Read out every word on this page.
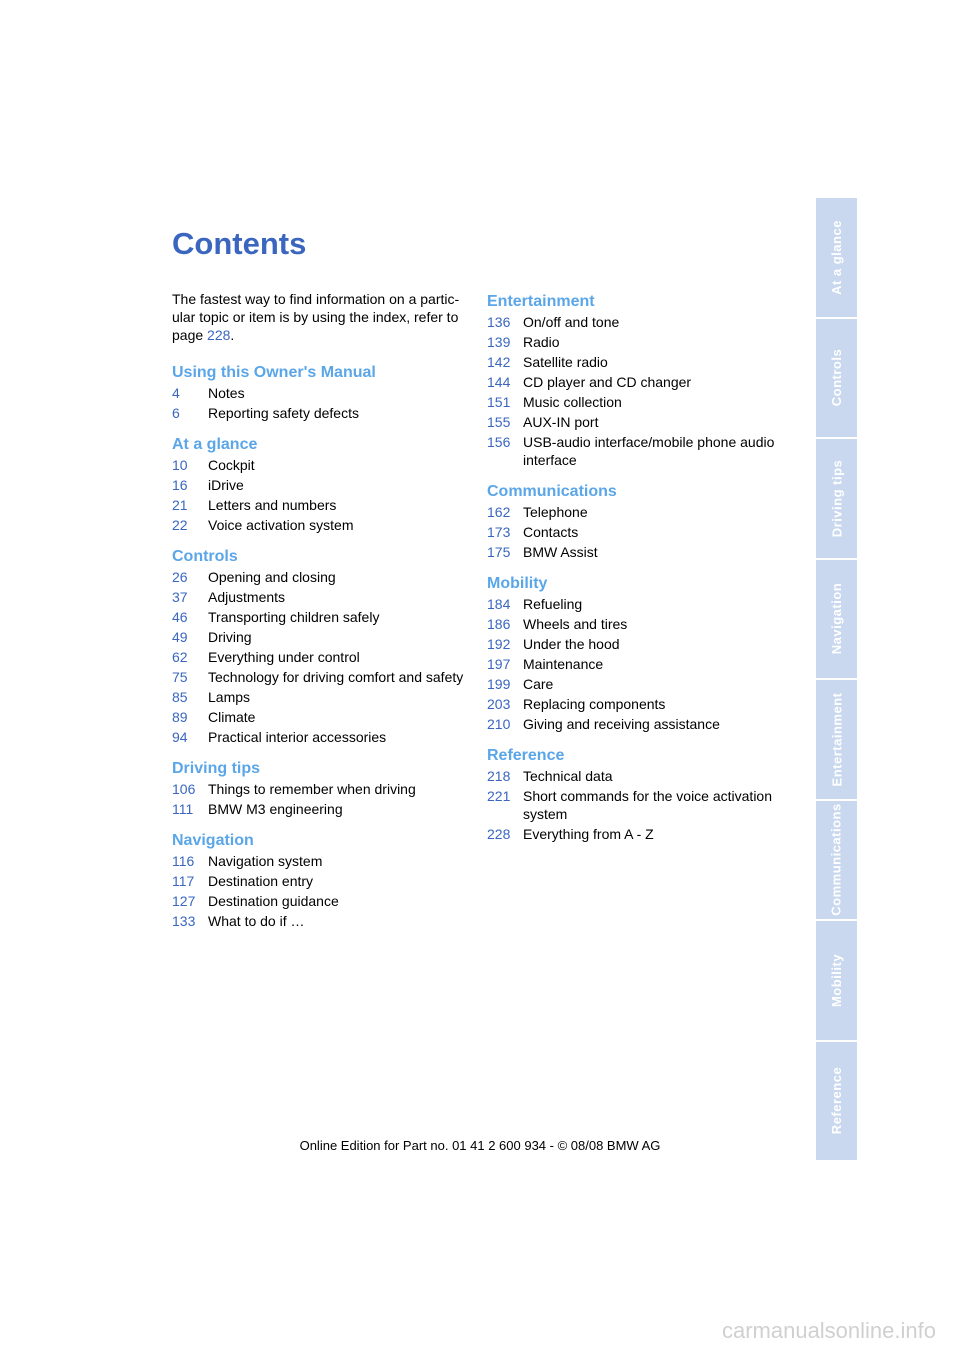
Contents

The fastest way to find information on a partic-
ular topic or item is by using the index, refer to
page 228.

Using this Owner's Manual
4	Notes
6	Reporting safety defects
At a glance
10	Cockpit
16	iDrive
21	Letters and numbers
22	Voice activation system
Controls
26	Opening and closing
37	Adjustments
46	Transporting children safely
49	Driving
62	Everything under control
75	Technology for driving comfort and safety
85	Lamps
89	Climate
94	Practical interior accessories
Driving tips
106 Things to remember when driving
111	BMW M3 engineering
Navigation
116 Navigation system
117 Destination entry
127 Destination guidance
133 What to do if …
Entertainment
136 On/off and tone
139 Radio
142 Satellite radio
144 CD player and CD changer
151 Music collection
155 AUX-IN port
156 USB-audio interface/mobile phone audio interface
Communications
162 Telephone
173 Contacts
175 BMW Assist
Mobility
184 Refueling
186 Wheels and tires
192 Under the hood
197 Maintenance
199 Care
203 Replacing components
210 Giving and receiving assistance
Reference
218 Technical data
221 Short commands for the voice activation system
228 Everything from A - Z
At a glance
Controls
Driving tips
Navigation
Entertainment
Communications
Mobility
Reference
Online Edition for Part no. 01 41 2 600 934 - © 08/08 BMW AG
carmanualsonline.info
